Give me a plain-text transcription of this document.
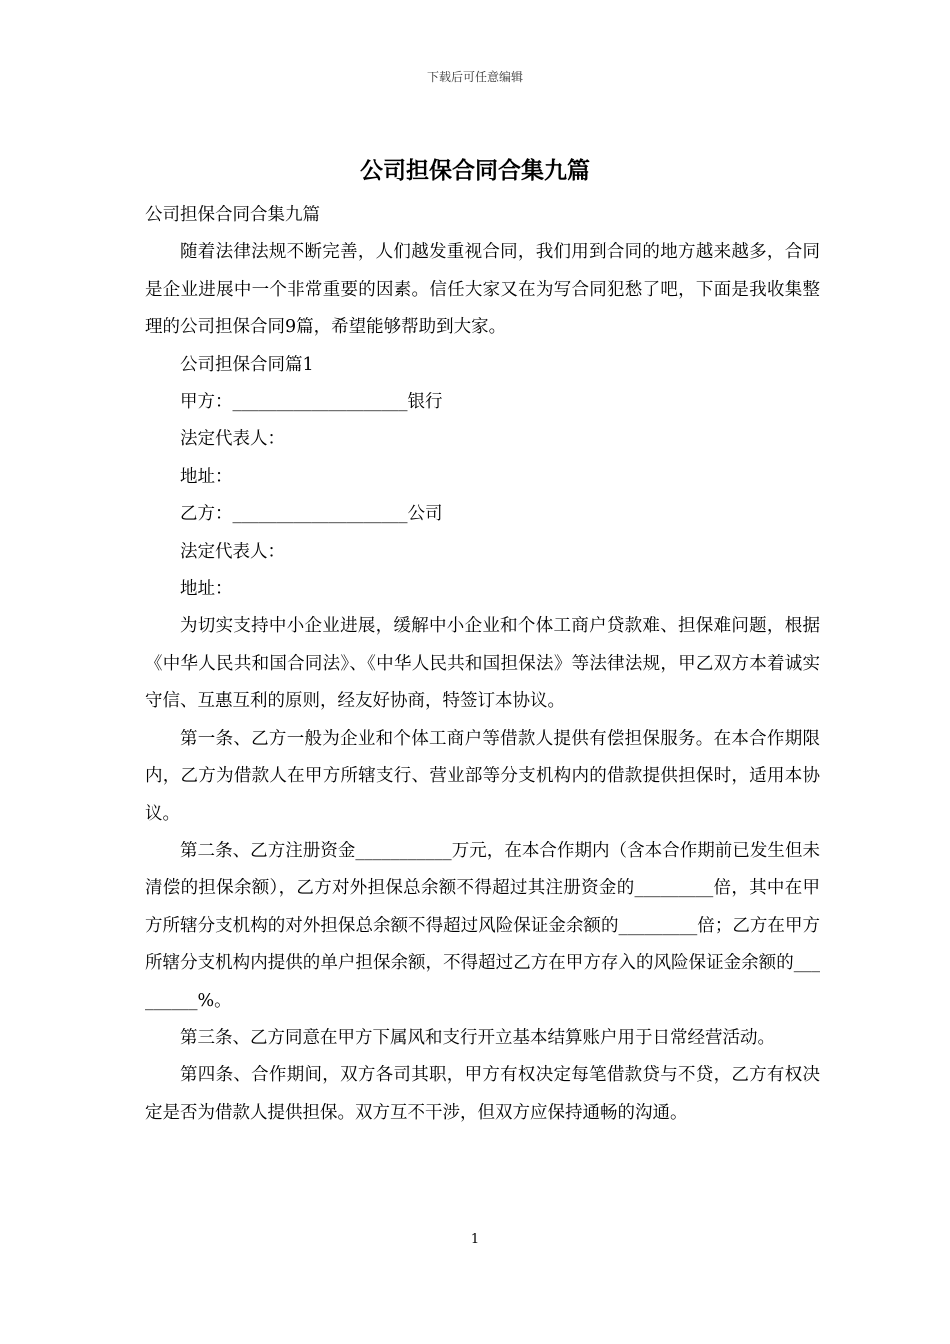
下载后可任意编辑
公司担保合同合集九篇

公司担保合同合集九篇

随着法律法规不断完善，人们越发重视合同，我们用到合同的地方越来越多，合同是企业进展中一个非常重要的因素。信任大家又在为写合同犯愁了吧，下面是我收集整理的公司担保合同9篇，希望能够帮助到大家。

公司担保合同篇1

甲方：____________________银行

法定代表人：

地址：

乙方：____________________公司

法定代表人：

地址：

为切实支持中小企业进展，缓解中小企业和个体工商户贷款难、担保难问题，根据《中华人民共和国合同法》、《中华人民共和国担保法》等法律法规，甲乙双方本着诚实守信、互惠互利的原则，经友好协商，特签订本协议。

第一条、乙方一般为企业和个体工商户等借款人提供有偿担保服务。在本合作期限内，乙方为借款人在甲方所辖支行、营业部等分支机构内的借款提供担保时，适用本协议。

第二条、乙方注册资金___________万元，在本合作期内（含本合作期前已发生但未清偿的担保余额），乙方对外担保总余额不得超过其注册资金的_________倍，其中在甲方所辖分支机构的对外担保总余额不得超过风险保证金余额的_________倍；乙方在甲方所辖分支机构内提供的单户担保余额，不得超过乙方在甲方存入的风险保证金余额的_________%。

第三条、乙方同意在甲方下属风和支行开立基本结算账户用于日常经营活动。

第四条、合作期间，双方各司其职，甲方有权决定每笔借款贷与不贷，乙方有权决定是否为借款人提供担保。双方互不干涉，但双方应保持通畅的沟通。

1
